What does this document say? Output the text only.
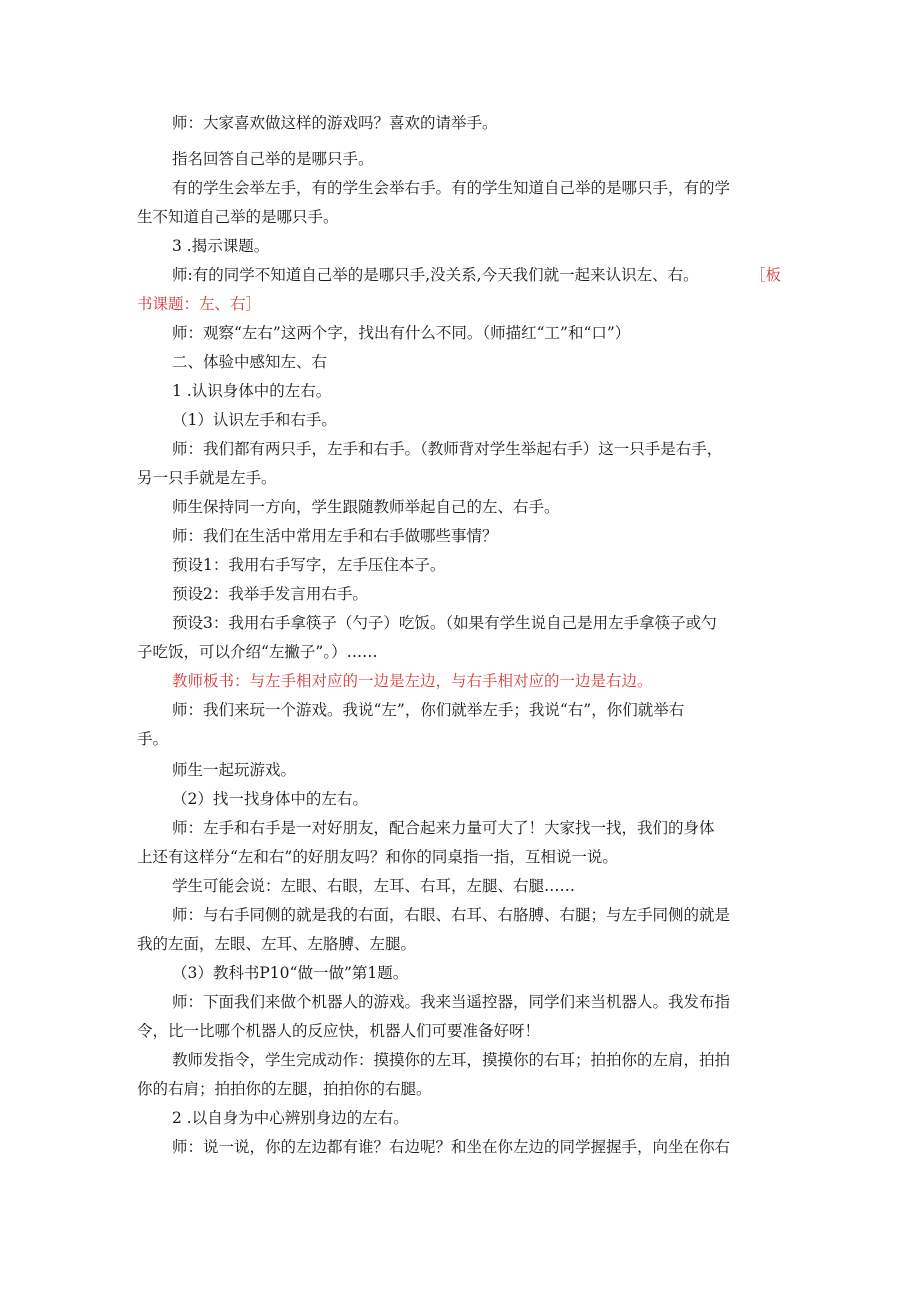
师：大家喜欢做这样的游戏吗？喜欢的请举手。
指名回答自己举的是哪只手。
有的学生会举左手，有的学生会举右手。有的学生知道自己举的是哪只手，有的学
生不知道自己举的是哪只手。
3 .揭示课题。
师:有的同学不知道自己举的是哪只手,没关系,今天我们就一起来认识左、右。	［板
书课题：左、右］
师：观察“左右”这两个字，找出有什么不同。（师描红“工”和“口”）
二、体验中感知左、右
1 .认识身体中的左右。
（1）认识左手和右手。
师：我们都有两只手，左手和右手。（教师背对学生举起右手）这一只手是右手，
另一只手就是左手。
师生保持同一方向，学生跟随教师举起自己的左、右手。
师：我们在生活中常用左手和右手做哪些事情？
预设1：我用右手写字，左手压住本子。
预设2：我举手发言用右手。
预设3：我用右手拿筷子（勺子）吃饭。（如果有学生说自己是用左手拿筷子或勺
子吃饭，可以介绍“左撇子”。）……
教师板书：与左手相对应的一边是左边，与右手相对应的一边是右边。
师：我们来玩一个游戏。我说“左”，你们就举左手；我说“右”，你们就举右
手。
师生一起玩游戏。
（2）找一找身体中的左右。
师：左手和右手是一对好朋友，配合起来力量可大了！大家找一找，我们的身体
上还有这样分“左和右”的好朋友吗？和你的同桌指一指，互相说一说。
学生可能会说：左眼、右眼，左耳、右耳，左腿、右腿……
师：与右手同侧的就是我的右面，右眼、右耳、右胳膊、右腿；与左手同侧的就是
我的左面，左眼、左耳、左胳膊、左腿。
（3）教科书P10“做一做”第1题。
师：下面我们来做个机器人的游戏。我来当遥控器，同学们来当机器人。我发布指
令，比一比哪个机器人的反应快，机器人们可要准备好呀！
教师发指令，学生完成动作：摸摸你的左耳，摸摸你的右耳；拍拍你的左肩，拍拍
你的右肩；拍拍你的左腿，拍拍你的右腿。
2 .以自身为中心辨别身边的左右。
师：说一说，你的左边都有谁？右边呢？和坐在你左边的同学握握手，向坐在你右
